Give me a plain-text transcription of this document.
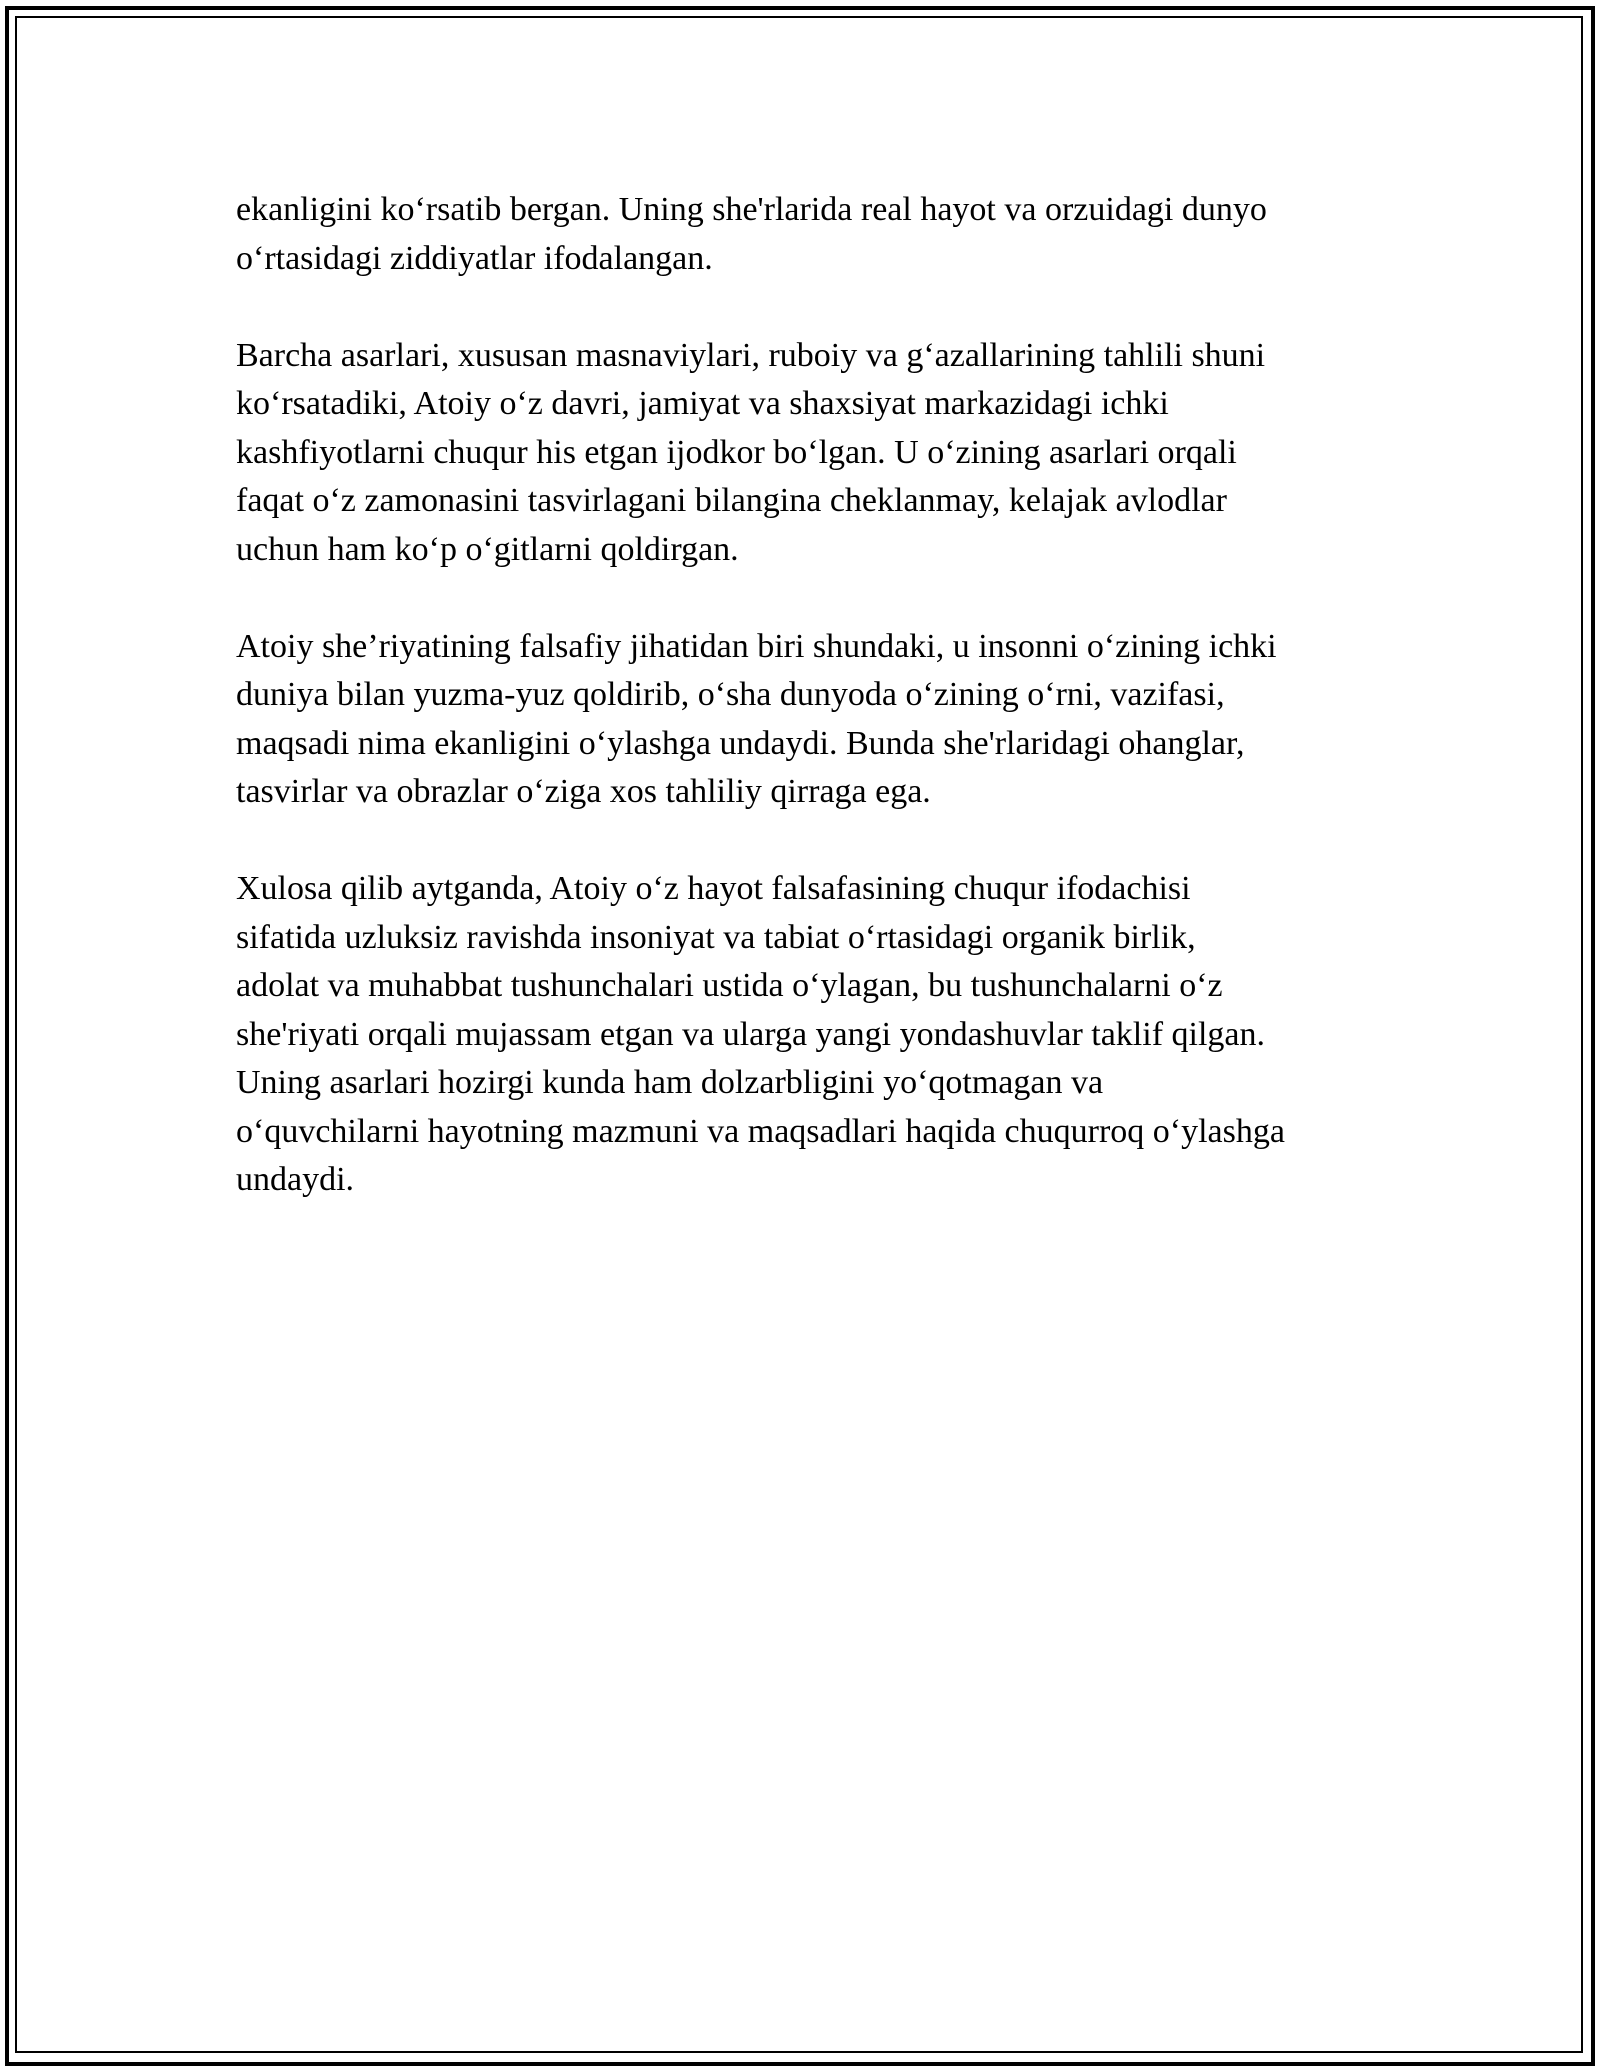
ekanligini ko‘rsatib bergan. Uning she'rlarida real hayot va orzuidagi dunyo
o‘rtasidagi ziddiyatlar ifodalangan.

Barcha asarlari, xususan masnaviylari, ruboiy va g‘azallarining tahlili shuni
ko‘rsatadiki, Atoiy o‘z davri, jamiyat va shaxsiyat markazidagi ichki
kashfiyotlarni chuqur his etgan ijodkor bo‘lgan. U o‘zining asarlari orqali
faqat o‘z zamonasini tasvirlagani bilangina cheklanmay, kelajak avlodlar
uchun ham ko‘p o‘gitlarni qoldirgan.

Atoiy she’riyatining falsafiy jihatidan biri shundaki, u insonni o‘zining ichki
duniya bilan yuzma-yuz qoldirib, o‘sha dunyoda o‘zining o‘rni, vazifasi,
maqsadi nima ekanligini o‘ylashga undaydi. Bunda she'rlaridagi ohanglar,
tasvirlar va obrazlar o‘ziga xos tahliliy qirraga ega.

Xulosa qilib aytganda, Atoiy o‘z hayot falsafasining chuqur ifodachisi
sifatida uzluksiz ravishda insoniyat va tabiat o‘rtasidagi organik birlik,
adolat va muhabbat tushunchalari ustida o‘ylagan, bu tushunchalarni o‘z
she'riyati orqali mujassam etgan va ularga yangi yondashuvlar taklif qilgan.
Uning asarlari hozirgi kunda ham dolzarbligini yo‘qotmagan va
o‘quvchilarni hayotning mazmuni va maqsadlari haqida chuqurroq o‘ylashga
undaydi.
